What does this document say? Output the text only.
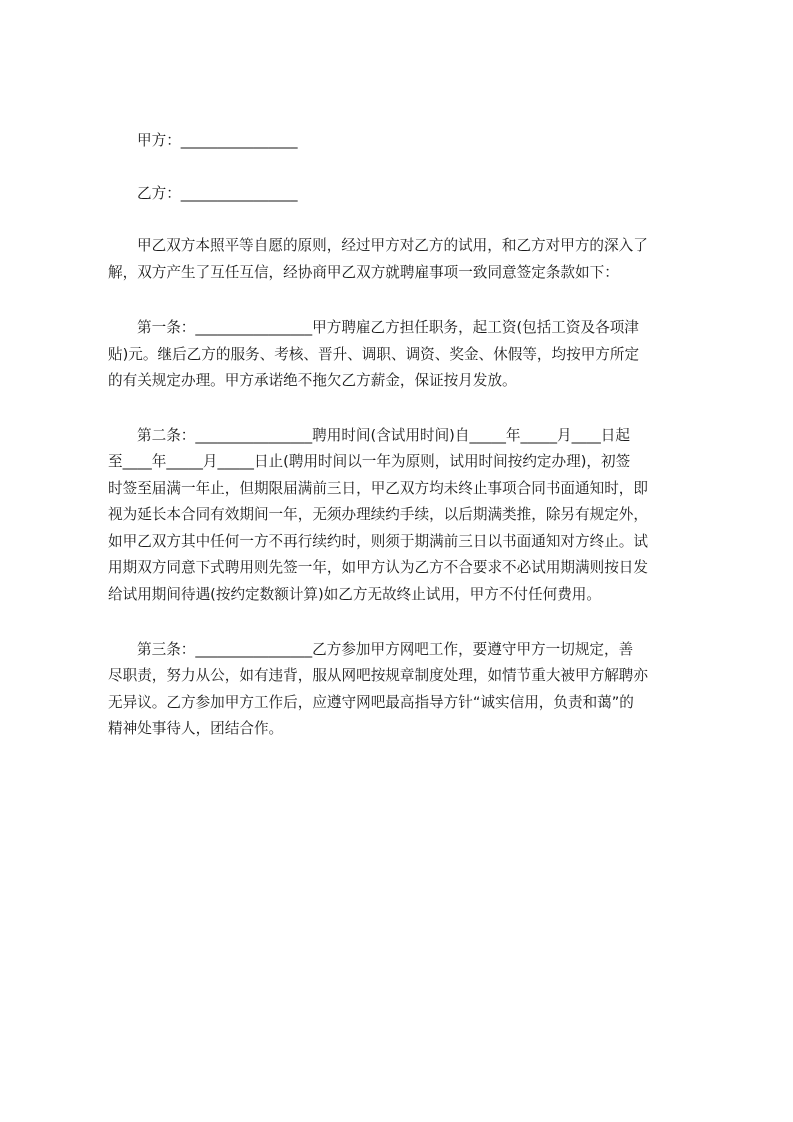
甲方：________________

乙方：________________

甲乙双方本照平等自愿的原则，经过甲方对乙方的试用，和乙方对甲方的深入了

解，双方产生了互任互信，经协商甲乙双方就聘雇事项一致同意签定条款如下：

第一条：________________甲方聘雇乙方担任职务，起工资(包括工资及各项津

贴)元。继后乙方的服务、考核、晋升、调职、调资、奖金、休假等，均按甲方所定

的有关规定办理。甲方承诺绝不拖欠乙方薪金，保证按月发放。

第二条：________________聘用时间(含试用时间)自_____年_____月____日起

至____年_____月_____日止(聘用时间以一年为原则，试用时间按约定办理)，初签

时签至届满一年止，但期限届满前三日，甲乙双方均未终止事项合同书面通知时，即

视为延长本合同有效期间一年，无须办理续约手续，以后期满类推，除另有规定外，

如甲乙双方其中任何一方不再行续约时，则须于期满前三日以书面通知对方终止。试

用期双方同意下式聘用则先签一年，如甲方认为乙方不合要求不必试用期满则按日发

给试用期间待遇(按约定数额计算)如乙方无故终止试用，甲方不付任何费用。

第三条：________________乙方参加甲方网吧工作，要遵守甲方一切规定，善

尽职责，努力从公，如有违背，服从网吧按规章制度处理，如情节重大被甲方解聘亦

无异议。乙方参加甲方工作后，应遵守网吧最高指导方针“诚实信用，负责和蔼”的

精神处事待人，团结合作。
